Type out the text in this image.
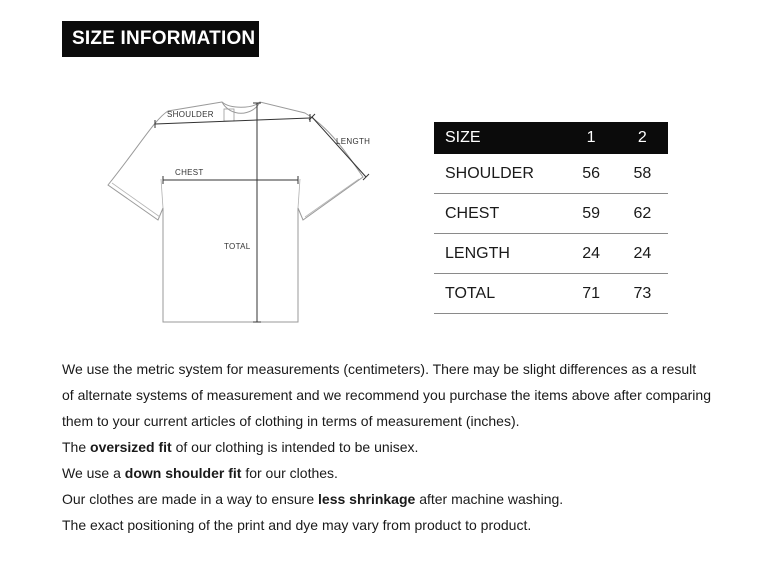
SIZE INFORMATION
SHOULDER
LENGTH
CHEST
TOTAL
SIZE	1	2
SHOULDER	56	58
CHEST	59	62
LENGTH	24	24
TOTAL	71	73

We use the metric system for measurements (centimeters). There may be slight differences as a result

of alternate systems of measurement and we recommend you purchase the items above after comparing

them to your current articles of clothing in terms of measurement (inches).

The oversized fit of our clothing is intended to be unisex.

We use a down shoulder fit for our clothes.

Our clothes are made in a way to ensure less shrinkage after machine washing.

The exact positioning of the print and dye may vary from product to product.
